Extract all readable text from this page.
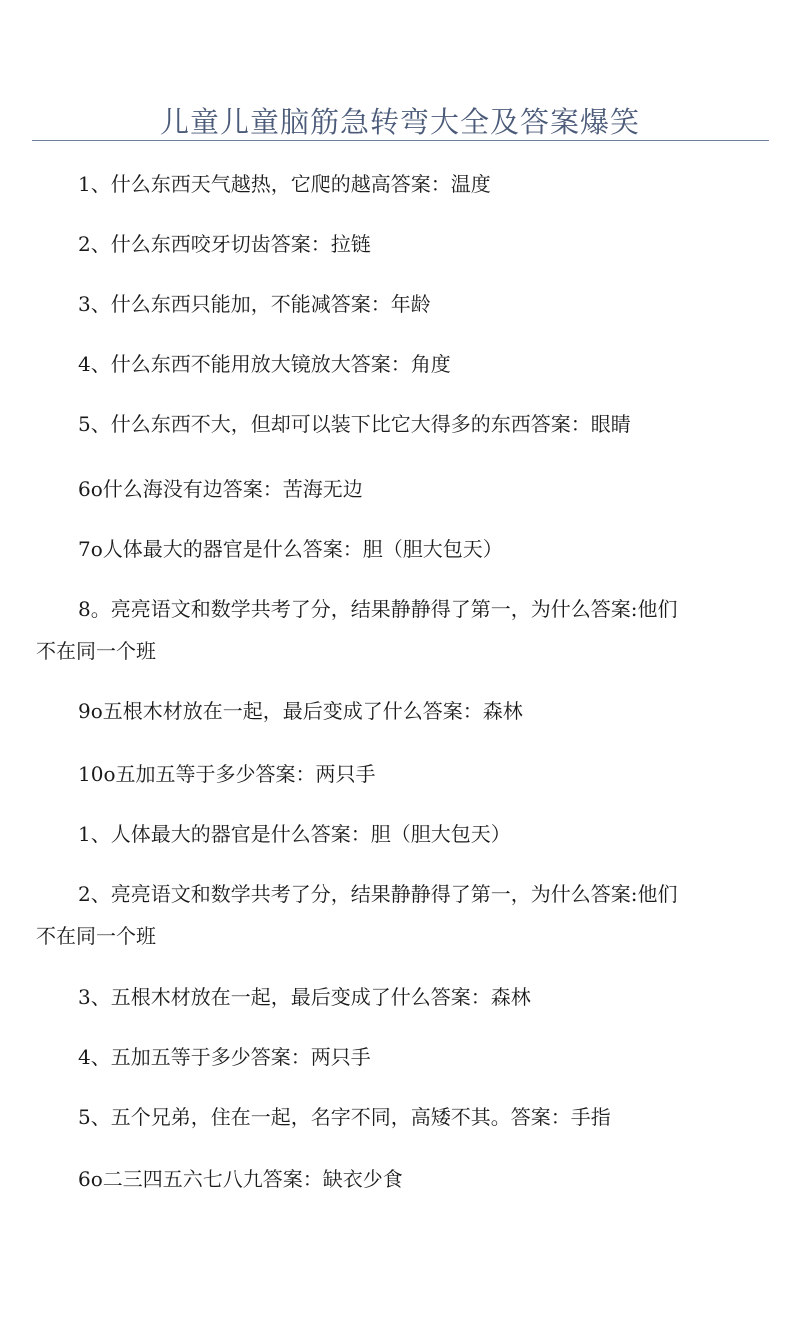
儿童儿童脑筋急转弯大全及答案爆笑
1、什么东西天气越热，它爬的越高答案：温度
2、什么东西咬牙切齿答案：拉链
3、什么东西只能加，不能减答案：年龄
4、什么东西不能用放大镜放大答案：角度
5、什么东西不大，但却可以装下比它大得多的东西答案：眼睛
6o什么海没有边答案：苦海无边
7o人体最大的器官是什么答案：胆（胆大包天）
8。亮亮语文和数学共考了分，结果静静得了第一，为什么答案:他们
不在同一个班
9o五根木材放在一起，最后变成了什么答案：森林
10o五加五等于多少答案：两只手
1、人体最大的器官是什么答案：胆（胆大包天）
2、亮亮语文和数学共考了分，结果静静得了第一，为什么答案:他们
不在同一个班
3、五根木材放在一起，最后变成了什么答案：森林
4、五加五等于多少答案：两只手
5、五个兄弟，住在一起，名字不同，高矮不其。答案：手指
6o二三四五六七八九答案：缺衣少食
